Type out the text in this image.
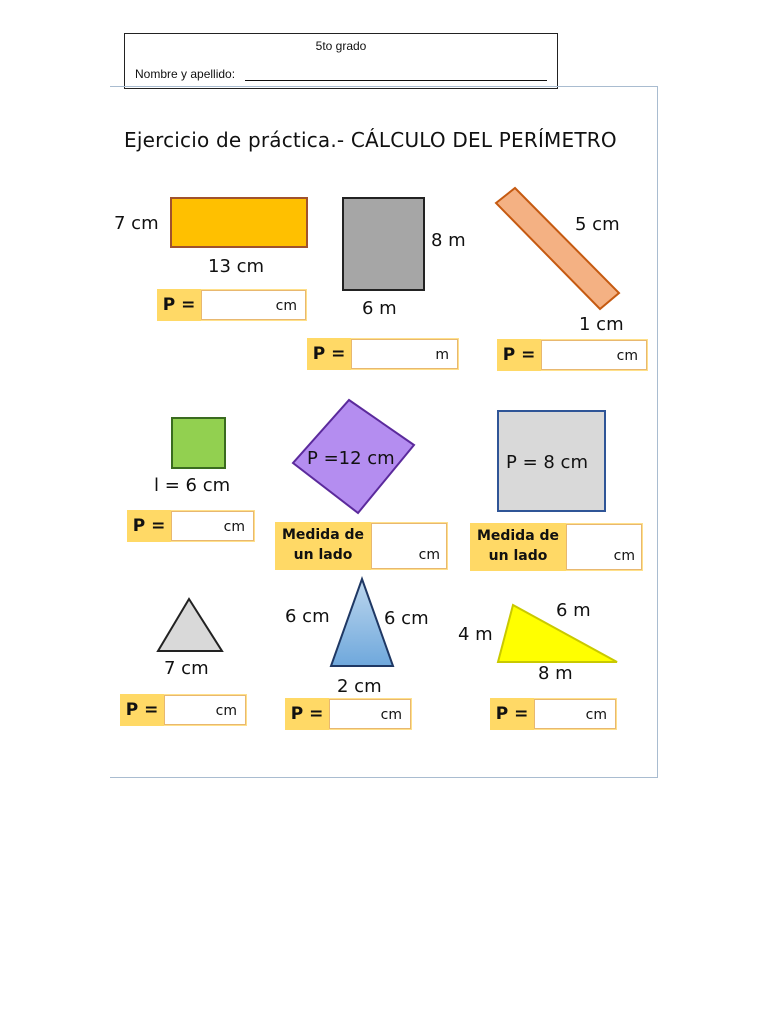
5to grado
Nombre y apellido:
Ejercicio de práctica.- CÁLCULO DEL PERÍMETRO
7 cm
13 cm
P =	cm
8 m
6 m
P =	m
5 cm
1 cm
P =	cm
l = 6 cm
P =	cm
P =12 cm
Medida de
un lado	cm
P = 8 cm
Medida de
un lado	cm
7 cm
P =	cm
6 cm	6 cm
2 cm
P =	cm
6 m
4 m
8 m
P =	cm
